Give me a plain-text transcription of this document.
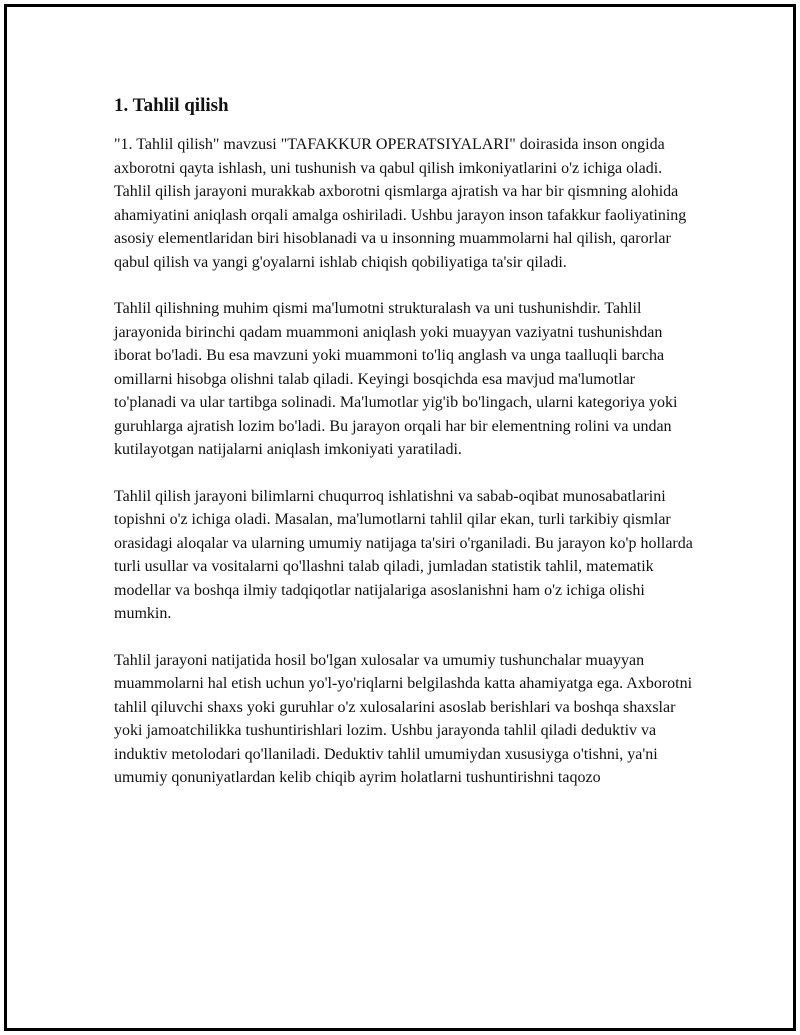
1. Tahlil qilish

"1. Tahlil qilish" mavzusi "TAFAKKUR OPERATSIYALARI" doirasida inson ongida axborotni qayta ishlash, uni tushunish va qabul qilish imkoniyatlarini o'z ichiga oladi. Tahlil qilish jarayoni murakkab axborotni qismlarga ajratish va har bir qismning alohida ahamiyatini aniqlash orqali amalga oshiriladi. Ushbu jarayon inson tafakkur faoliyatining asosiy elementlaridan biri hisoblanadi va u insonning muammolarni hal qilish, qarorlar qabul qilish va yangi g'oyalarni ishlab chiqish qobiliyatiga ta'sir qiladi.

Tahlil qilishning muhim qismi ma'lumotni strukturalash va uni tushunishdir. Tahlil jarayonida birinchi qadam muammoni aniqlash yoki muayyan vaziyatni tushunishdan iborat bo'ladi. Bu esa mavzuni yoki muammoni to'liq anglash va unga taalluqli barcha omillarni hisobga olishni talab qiladi. Keyingi bosqichda esa mavjud ma'lumotlar to'planadi va ular tartibga solinadi. Ma'lumotlar yig'ib bo'lingach, ularni kategoriya yoki guruhlarga ajratish lozim bo'ladi. Bu jarayon orqali har bir elementning rolini va undan kutilayotgan natijalarni aniqlash imkoniyati yaratiladi.

Tahlil qilish jarayoni bilimlarni chuqurroq ishlatishni va sabab-oqibat munosabatlarini topishni o'z ichiga oladi. Masalan, ma'lumotlarni tahlil qilar ekan, turli tarkibiy qismlar orasidagi aloqalar va ularning umumiy natijaga ta'siri o'rganiladi. Bu jarayon ko'p hollarda turli usullar va vositalarni qo'llashni talab qiladi, jumladan statistik tahlil, matematik modellar va boshqa ilmiy tadqiqotlar natijalariga asoslanishni ham o'z ichiga olishi mumkin.

Tahlil jarayoni natijatida hosil bo'lgan xulosalar va umumiy tushunchalar muayyan muammolarni hal etish uchun yo'l-yo'riqlarni belgilashda katta ahamiyatga ega. Axborotni tahlil qiluvchi shaxs yoki guruhlar o'z xulosalarini asoslab berishlari va boshqa shaxslar yoki jamoatchilikka tushuntirishlari lozim. Ushbu jarayonda tahlil qiladi deduktiv va induktiv metolodari qo'llaniladi. Deduktiv tahlil umumiydan xususiyga o'tishni, ya'ni umumiy qonuniyatlardan kelib chiqib ayrim holatlarni tushuntirishni taqozo
